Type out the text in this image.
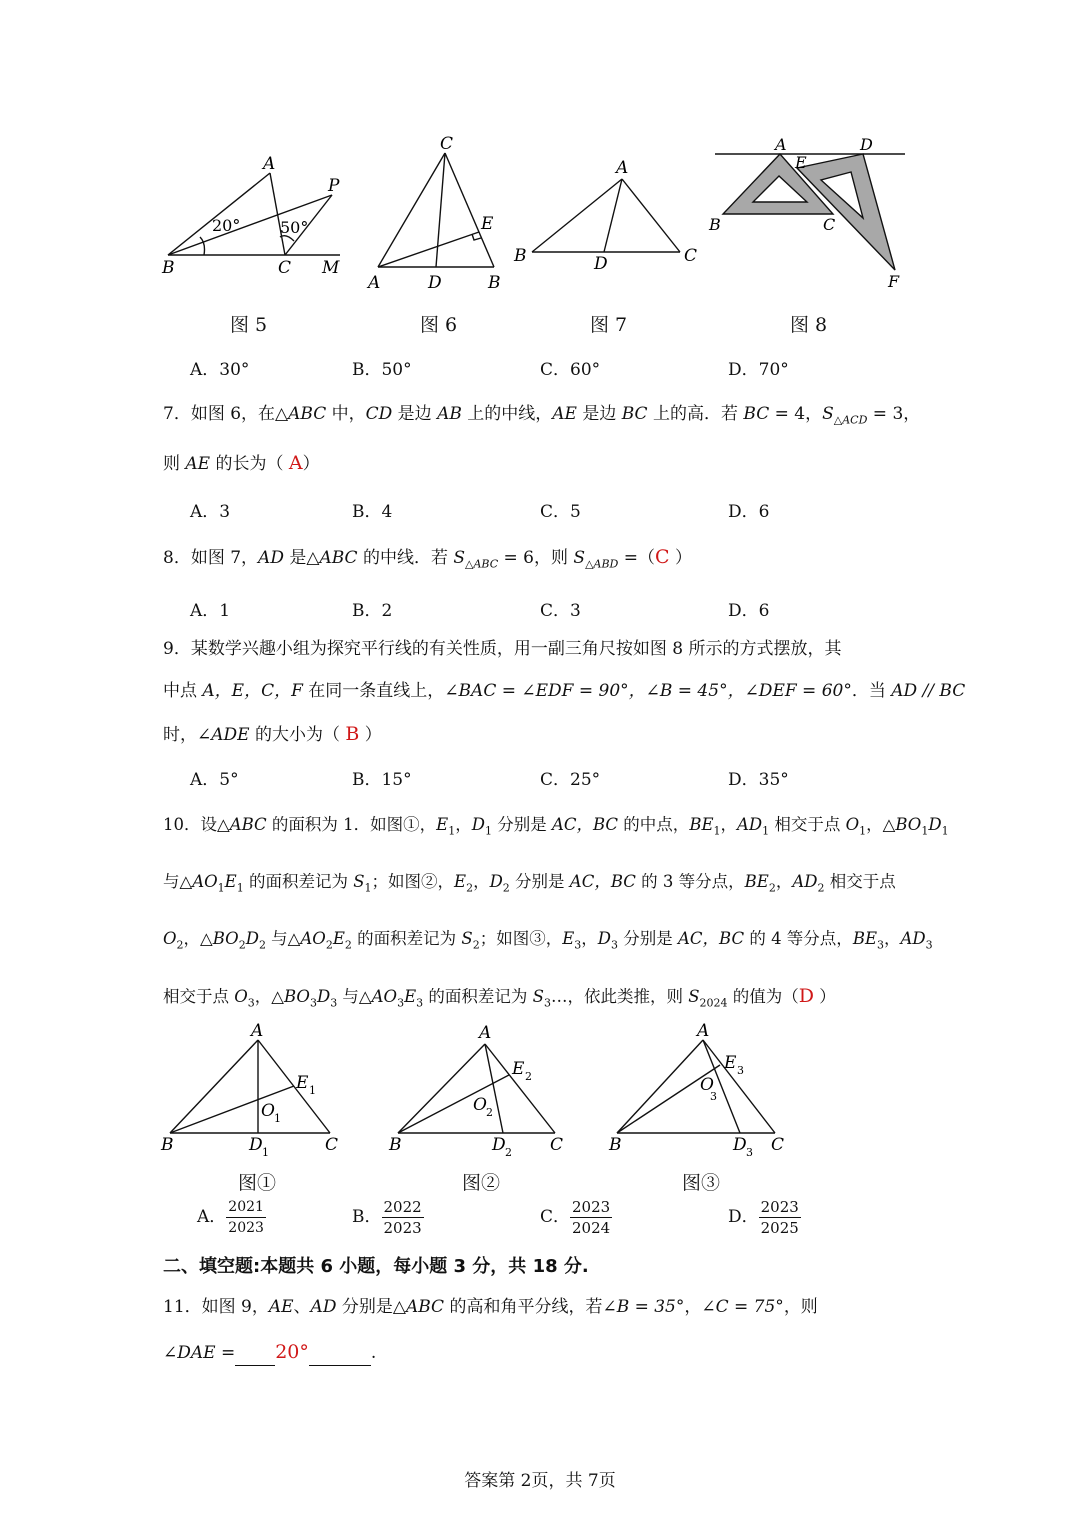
A
P
B	C M
20° 50°
图 5
C
E
A	D	B
图 6
A
B	D	C
图 7
A	D
E
B	C
F
图 8
A．30°	B．50°	C．60°	D．70°
7．如图 6，在△ABC 中，CD 是边 AB 上的中线，AE 是边 BC 上的高．若 BC = 4，$S_{\triangle ACD} = 3$，
则 AE 的长为（ A）
A．3	B．4	C．5	D．6
8．如图 7，AD 是△ABC 的中线．若 $S_{\triangle ABC} = 6$，则 $S_{\triangle ABD} =(C$ ）
A．1	B．2	C．3	D．6
9．某数学兴趣小组为探究平行线的有关性质，用一副三角尺按如图 8 所示的方式摆放，其
中点 A，E，C，F 在同一条直线上，∠BAC = ∠EDF = 90°，∠B = 45°，∠DEF = 60°．当 AD // BC
时，∠ADE 的大小为（ B ）
A．5°	B．15°	C．25°	D．35°
10．设△ABC 的面积为 1．如图①，$E_1$，$D_1$ 分别是 AC，BC 的中点，$BE_1$，$AD_1$ 相交于点 $O_1$，$\triangle BO_1D_1$
与$\triangle AO_1E_1$ 的面积差记为 $S_1$；如图②，$E_2$，$D_2$ 分别是 AC，BC 的 3 等分点，$BE_2$，$AD_2$ 相交于点
$O_2$，$\triangle BO_2D_2$ 与$\triangle AO_2E_2$ 的面积差记为 $S_2$；如图③，$E_3$，$D_3$ 分别是 AC，BC 的 4 等分点，$BE_3$，$AD_3$
相交于点 $O_3$，$\triangle BO_3D_3$ 与$\triangle AO_3E_3$ 的面积差记为 $S_3\dots$，依此类推，则 $S_{2024}$ 的值为（D ）
A
B	C
E 1
O 1
D 1
图①
A
B	C
E 2
O 2
D 2
图②
A
B	C
E 3
O
3
D 3
图③
A． $\frac{2021}{2023}$	B． $\frac{2022}{2023}$	C． $\frac{2023}{2024}$	D． $\frac{2023}{2025}$
二、填空题:本题共 6 小题，每小题 3 分，共 18 分.
11．如图 9，AE、AD 分别是△ABC 的高和角平分线，若∠B = 35°，∠C = 75°，则
∠DAE = 20°	.
答案第 2页，共 7页
